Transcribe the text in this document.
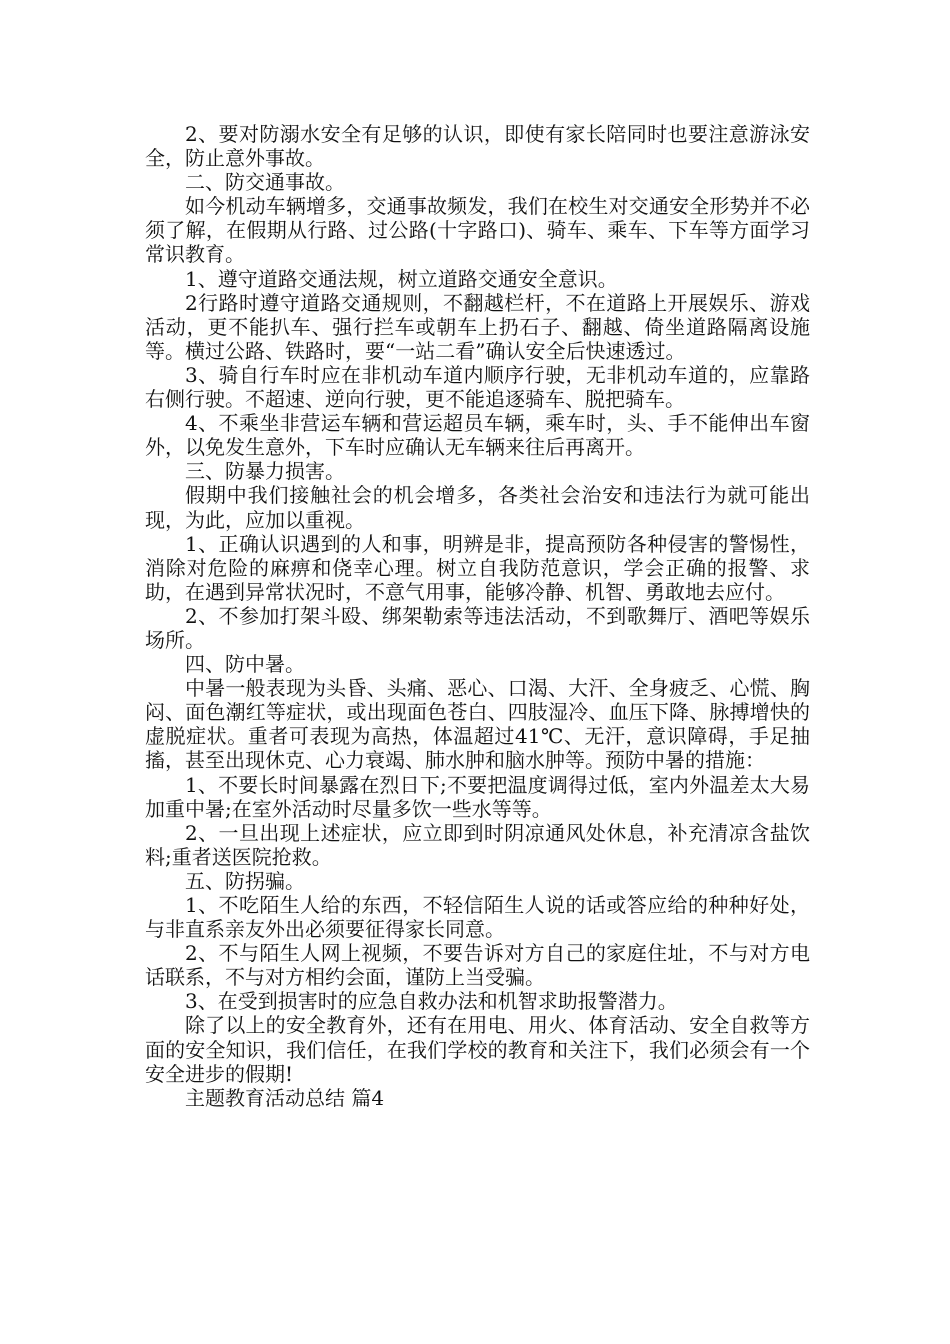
2、要对防溺水安全有足够的认识，即使有家长陪同时也要注意游泳安全，防止意外事故。

二、防交通事故。

如今机动车辆增多，交通事故频发，我们在校生对交通安全形势并不必须了解，在假期从行路、过公路(十字路口)、骑车、乘车、下车等方面学习常识教育。

1、遵守道路交通法规，树立道路交通安全意识。

2行路时遵守道路交通规则，不翻越栏杆，不在道路上开展娱乐、游戏活动，更不能扒车、强行拦车或朝车上扔石子、翻越、倚坐道路隔离设施等。横过公路、铁路时，要“一站二看”确认安全后快速透过。

3、骑自行车时应在非机动车道内顺序行驶，无非机动车道的，应靠路右侧行驶。不超速、逆向行驶，更不能追逐骑车、脱把骑车。

4、不乘坐非营运车辆和营运超员车辆，乘车时，头、手不能伸出车窗外，以免发生意外，下车时应确认无车辆来往后再离开。

三、防暴力损害。

假期中我们接触社会的机会增多，各类社会治安和违法行为就可能出现，为此，应加以重视。

1、正确认识遇到的人和事，明辨是非，提高预防各种侵害的警惕性，消除对危险的麻痹和侥幸心理。树立自我防范意识，学会正确的报警、求助，在遇到异常状况时，不意气用事，能够冷静、机智、勇敢地去应付。

2、不参加打架斗殴、绑架勒索等违法活动，不到歌舞厅、酒吧等娱乐场所。

四、防中暑。

中暑一般表现为头昏、头痛、恶心、口渴、大汗、全身疲乏、心慌、胸闷、面色潮红等症状，或出现面色苍白、四肢湿冷、血压下降、脉搏增快的虚脱症状。重者可表现为高热，体温超过41℃、无汗，意识障碍，手足抽搐，甚至出现休克、心力衰竭、肺水肿和脑水肿等。预防中暑的措施：

1、不要长时间暴露在烈日下;不要把温度调得过低，室内外温差太大易加重中暑;在室外活动时尽量多饮一些水等等。

2、一旦出现上述症状，应立即到时阴凉通风处休息，补充清凉含盐饮料;重者送医院抢救。

五、防拐骗。

1、不吃陌生人给的东西，不轻信陌生人说的话或答应给的种种好处，与非直系亲友外出必须要征得家长同意。

2、不与陌生人网上视频，不要告诉对方自己的家庭住址，不与对方电话联系，不与对方相约会面，谨防上当受骗。

3、在受到损害时的应急自救办法和机智求助报警潜力。

除了以上的安全教育外，还有在用电、用火、体育活动、安全自救等方面的安全知识，我们信任，在我们学校的教育和关注下，我们必须会有一个安全进步的假期!

主题教育活动总结 篇4
